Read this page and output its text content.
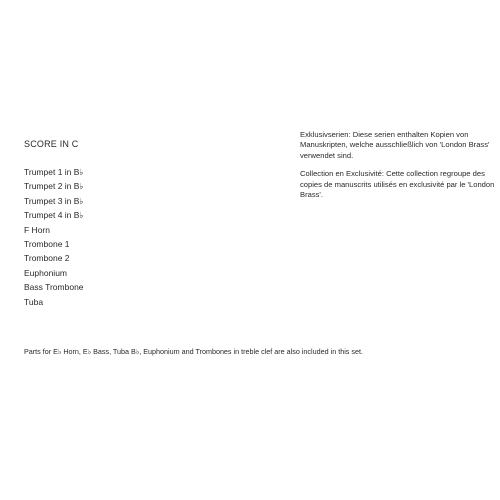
SCORE IN C
Trumpet 1 in B♭
Trumpet 2 in B♭
Trumpet 3 in B♭
Trumpet 4 in B♭
F Horn
Trombone 1
Trombone 2
Euphonium
Bass Trombone
Tuba

Exklusivserien: Diese serien enthalten Kopien von Manuskripten, welche ausschließlich von 'London Brass' verwendet sind.

Collection en Exclusivité: Cette collection regroupe des copies de manuscrits utilisés en exclusivité par le 'London Brass'.

Parts for E♭ Horn, E♭ Bass, Tuba B♭, Euphonium and Trombones in treble clef are also included in this set.
